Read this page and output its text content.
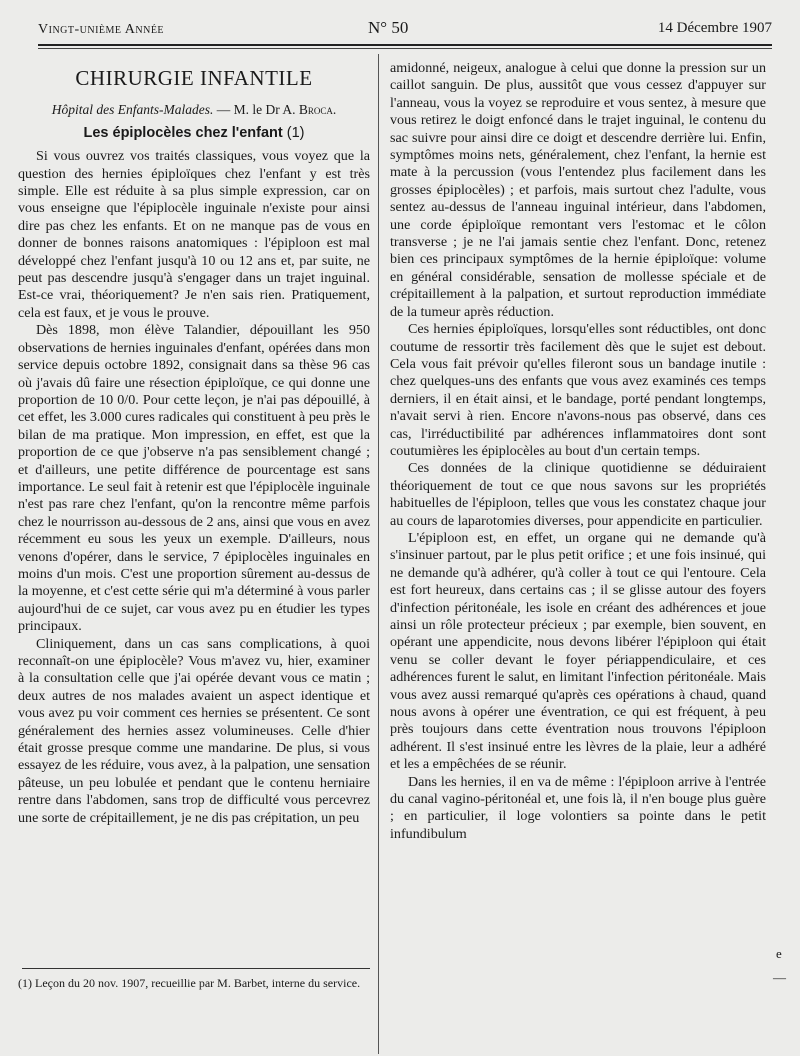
Vingt-unième Année	N° 50	14 Décembre 1907
CHIRURGIE INFANTILE
Hôpital des Enfants-Malades. — M. le Dr A. Broca.
Les épiplocèles chez l'enfant (1)

Si vous ouvrez vos traités classiques, vous voyez que la question des hernies épiploïques chez l'enfant y est très simple. Elle est réduite à sa plus simple expression, car on vous enseigne que l'épiplocèle inguinale n'existe pour ainsi dire pas chez les enfants. Et on ne manque pas de vous en donner de bonnes raisons anatomiques : l'épiploon est mal développé chez l'enfant jusqu'à 10 ou 12 ans et, par suite, ne peut pas descendre jusqu'à s'engager dans un trajet inguinal. Est-ce vrai, théoriquement? Je n'en sais rien. Pratiquement, cela est faux, et je vous le prouve.

Dès 1898, mon élève Talandier, dépouillant les 950 observations de hernies inguinales d'enfant, opérées dans mon service depuis octobre 1892, consignait dans sa thèse 96 cas où j'avais dû faire une résection épiploïque, ce qui donne une proportion de 10 0/0. Pour cette leçon, je n'ai pas dépouillé, à cet effet, les 3.000 cures radicales qui constituent à peu près le bilan de ma pratique. Mon impression, en effet, est que la proportion de ce que j'observe n'a pas sensiblement changé ; et d'ailleurs, une petite différence de pourcentage est sans importance. Le seul fait à retenir est que l'épiplocèle inguinale n'est pas rare chez l'enfant, qu'on la rencontre même parfois chez le nourrisson au-dessous de 2 ans, ainsi que vous en avez récemment eu sous les yeux un exemple. D'ailleurs, nous venons d'opérer, dans le service, 7 épiplocèles inguinales en moins d'un mois. C'est une proportion sûrement au-dessus de la moyenne, et c'est cette série qui m'a déterminé à vous parler aujourd'hui de ce sujet, car vous avez pu en étudier les types principaux.

Cliniquement, dans un cas sans complications, à quoi reconnaît-on une épiplocèle? Vous m'avez vu, hier, examiner à la consultation celle que j'ai opérée devant vous ce matin ; deux autres de nos malades avaient un aspect identique et vous avez pu voir comment ces hernies se présentent. Ce sont généralement des hernies assez volumineuses. Celle d'hier était grosse presque comme une mandarine. De plus, si vous essayez de les réduire, vous avez, à la palpation, une sensation pâteuse, un peu lobulée et pendant que le contenu herniaire rentre dans l'abdomen, sans trop de difficulté vous percevrez une sorte de crépitaillement, je ne dis pas crépitation, un peu

(1) Leçon du 20 nov. 1907, recueillie par M. Barbet, interne du service.

amidonné, neigeux, analogue à celui que donne la pression sur un caillot sanguin. De plus, aussitôt que vous cessez d'appuyer sur l'anneau, vous la voyez se reproduire et vous sentez, à mesure que vous retirez le doigt enfoncé dans le trajet inguinal, le contenu du sac suivre pour ainsi dire ce doigt et descendre derrière lui. Enfin, symptômes moins nets, généralement, chez l'enfant, la hernie est mate à la percussion (vous l'entendez plus facilement dans les grosses épiplocèles) ; et parfois, mais surtout chez l'adulte, vous sentez au-dessus de l'anneau inguinal intérieur, dans l'abdomen, une corde épiploïque remontant vers l'estomac et le côlon transverse ; je ne l'ai jamais sentie chez l'enfant. Donc, retenez bien ces principaux symptômes de la hernie épiploïque: volume en général considérable, sensation de mollesse spéciale et de crépitaillement à la palpation, et surtout reproduction immédiate de la tumeur après réduction.

Ces hernies épiploïques, lorsqu'elles sont réductibles, ont donc coutume de ressortir très facilement dès que le sujet est debout. Cela vous fait prévoir qu'elles fileront sous un bandage inutile : chez quelques-uns des enfants que vous avez examinés ces temps derniers, il en était ainsi, et le bandage, porté pendant longtemps, n'avait servi à rien. Encore n'avons-nous pas observé, dans ces cas, l'irréductibilité par adhérences inflammatoires dont sont coutumières les épiplocèles au bout d'un certain temps.

Ces données de la clinique quotidienne se déduiraient théoriquement de tout ce que nous savons sur les propriétés habituelles de l'épiploon, telles que vous les constatez chaque jour au cours de laparotomies diverses, pour appendicite en particulier.

L'épiploon est, en effet, un organe qui ne demande qu'à s'insinuer partout, par le plus petit orifice ; et une fois insinué, qui ne demande qu'à adhérer, qu'à coller à tout ce qui l'entoure. Cela est fort heureux, dans certains cas ; il se glisse autour des foyers d'infection péritonéale, les isole en créant des adhérences et joue ainsi un rôle protecteur précieux ; par exemple, bien souvent, en opérant une appendicite, nous devons libérer l'épiploon qui était venu se coller devant le foyer périappendiculaire, et ces adhérences furent le salut, en limitant l'infection péritonéale. Mais vous avez aussi remarqué qu'après ces opérations à chaud, quand nous avons à opérer une éventration, ce qui est fréquent, à peu près toujours dans cette éventration nous trouvons l'épiploon adhérent. Il s'est insinué entre les lèvres de la plaie, leur a adhéré et les a empêchées de se réunir.

Dans les hernies, il en va de même : l'épiploon arrive à l'entrée du canal vagino-péritonéal et, une fois là, il n'en bouge plus guère ; en particulier, il loge volontiers sa pointe dans le petit infundibulum

e
—
